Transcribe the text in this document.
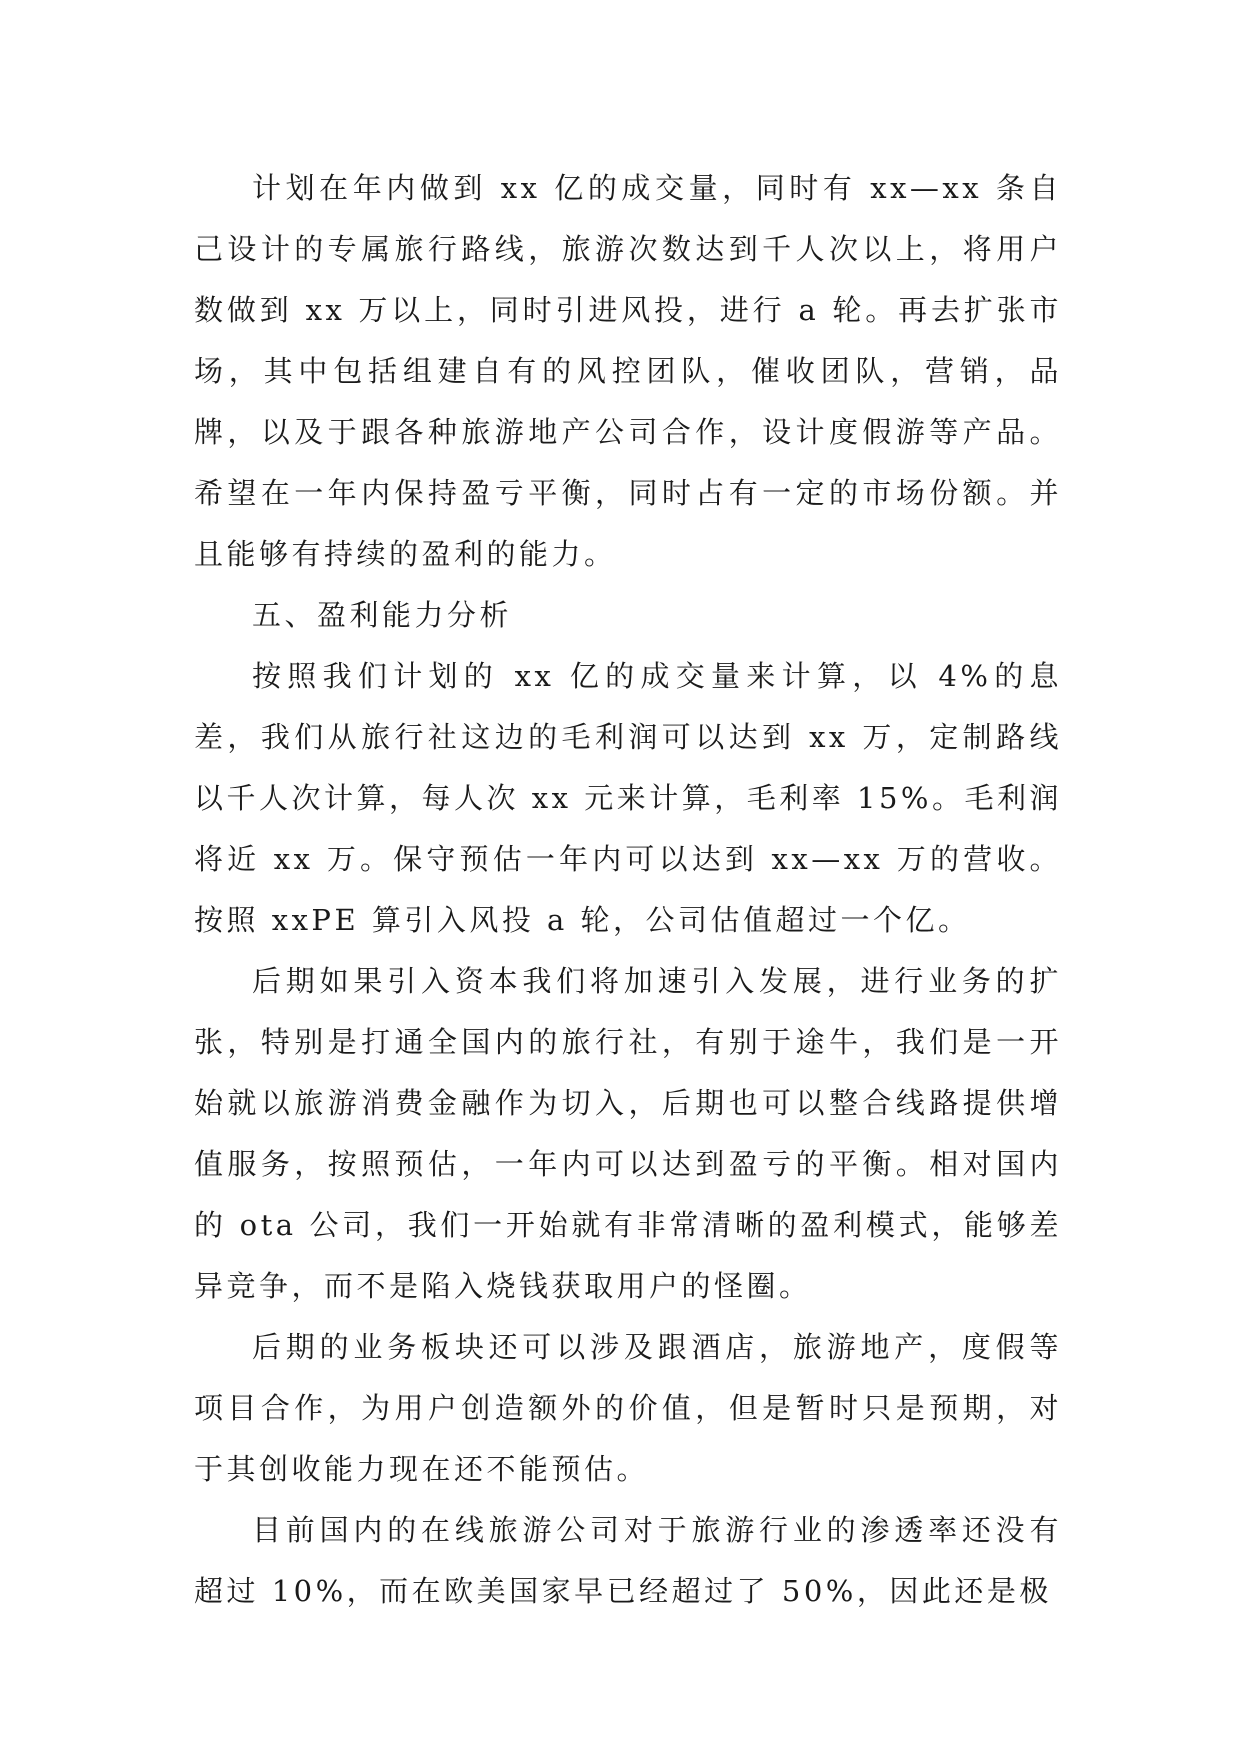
计划在年内做到 xx 亿的成交量，同时有 xx—xx 条自己设计的专属旅行路线，旅游次数达到千人次以上，将用户数做到 xx 万以上，同时引进风投，进行 a 轮。再去扩张市场，其中包括组建自有的风控团队，催收团队，营销，品牌，以及于跟各种旅游地产公司合作，设计度假游等产品。希望在一年内保持盈亏平衡，同时占有一定的市场份额。并且能够有持续的盈利的能力。

五、盈利能力分析

按照我们计划的 xx 亿的成交量来计算，以 4%的息差，我们从旅行社这边的毛利润可以达到 xx 万，定制路线以千人次计算，每人次 xx 元来计算，毛利率 15%。毛利润将近 xx 万。保守预估一年内可以达到 xx—xx 万的营收。按照 xxPE 算引入风投 a 轮，公司估值超过一个亿。

后期如果引入资本我们将加速引入发展，进行业务的扩张，特别是打通全国内的旅行社，有别于途牛，我们是一开始就以旅游消费金融作为切入，后期也可以整合线路提供增值服务，按照预估，一年内可以达到盈亏的平衡。相对国内的 ota 公司，我们一开始就有非常清晰的盈利模式，能够差异竞争，而不是陷入烧钱获取用户的怪圈。

后期的业务板块还可以涉及跟酒店，旅游地产，度假等项目合作，为用户创造额外的价值，但是暂时只是预期，对于其创收能力现在还不能预估。

目前国内的在线旅游公司对于旅游行业的渗透率还没有超过 10%，而在欧美国家早已经超过了 50%，因此还是极
